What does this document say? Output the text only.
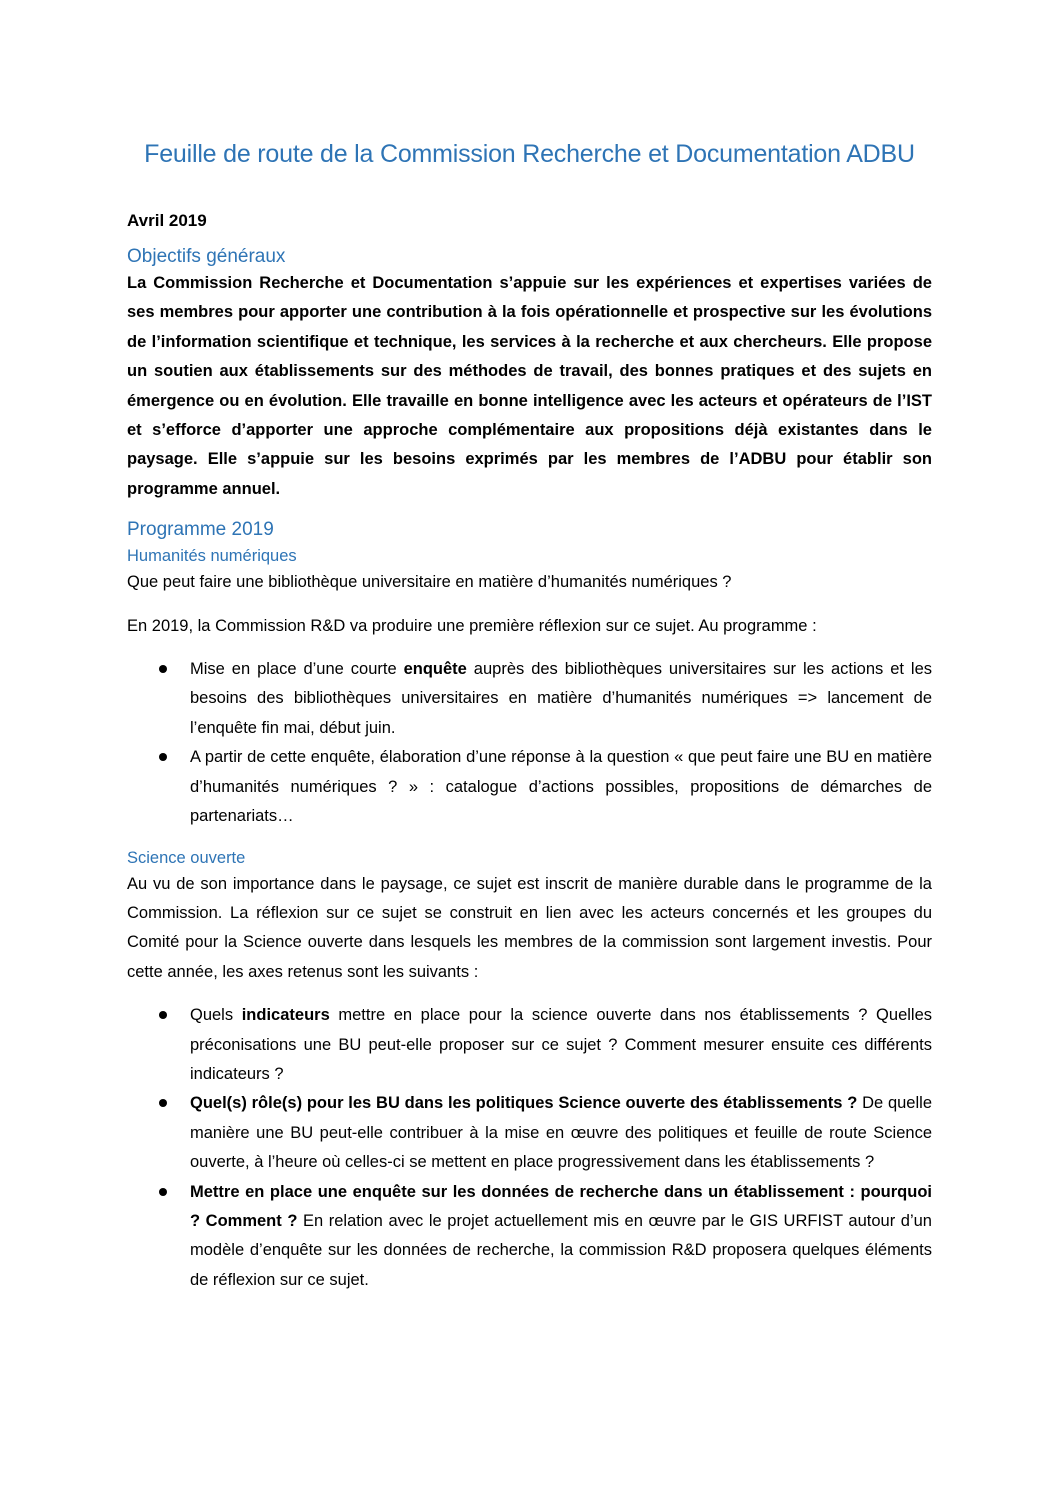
Feuille de route de la Commission Recherche et Documentation ADBU
Avril 2019
Objectifs généraux

La Commission Recherche et Documentation s’appuie sur les expériences et expertises variées de ses membres pour apporter une contribution à la fois opérationnelle et prospective sur les évolutions de l’information scientifique et technique, les services à la recherche et aux chercheurs. Elle propose un soutien aux établissements sur des méthodes de travail, des bonnes pratiques et des sujets en émergence ou en évolution. Elle travaille en bonne intelligence avec les acteurs et opérateurs de l’IST et s’efforce d’apporter une approche complémentaire aux propositions déjà existantes dans le paysage. Elle s’appuie sur les besoins exprimés par les membres de l’ADBU pour établir son programme annuel.

Programme 2019
Humanités numériques

Que peut faire une bibliothèque universitaire en matière d’humanités numériques ?

En 2019, la Commission R&D va produire une première réflexion sur ce sujet. Au programme :

Mise en place d’une courte enquête auprès des bibliothèques universitaires sur les actions et les besoins des bibliothèques universitaires en matière d’humanités numériques => lancement de l’enquête fin mai, début juin.
A partir de cette enquête, élaboration d’une réponse à la question « que peut faire une BU en matière d’humanités numériques ? » : catalogue d’actions possibles, propositions de démarches de partenariats…
Science ouverte

Au vu de son importance dans le paysage, ce sujet est inscrit de manière durable dans le programme de la Commission. La réflexion sur ce sujet se construit en lien avec les acteurs concernés et les groupes du Comité pour la Science ouverte dans lesquels les membres de la commission sont largement investis. Pour cette année, les axes retenus sont les suivants :

Quels indicateurs mettre en place pour la science ouverte dans nos établissements ? Quelles préconisations une BU peut-elle proposer sur ce sujet ? Comment mesurer ensuite ces différents indicateurs ?
Quel(s) rôle(s) pour les BU dans les politiques Science ouverte des établissements ? De quelle manière une BU peut-elle contribuer à la mise en œuvre des politiques et feuille de route Science ouverte, à l’heure où celles-ci se mettent en place progressivement dans les établissements ?
Mettre en place une enquête sur les données de recherche dans un établissement : pourquoi ? Comment ? En relation avec le projet actuellement mis en œuvre par le GIS URFIST autour d’un modèle d’enquête sur les données de recherche, la commission R&D proposera quelques éléments de réflexion sur ce sujet.
